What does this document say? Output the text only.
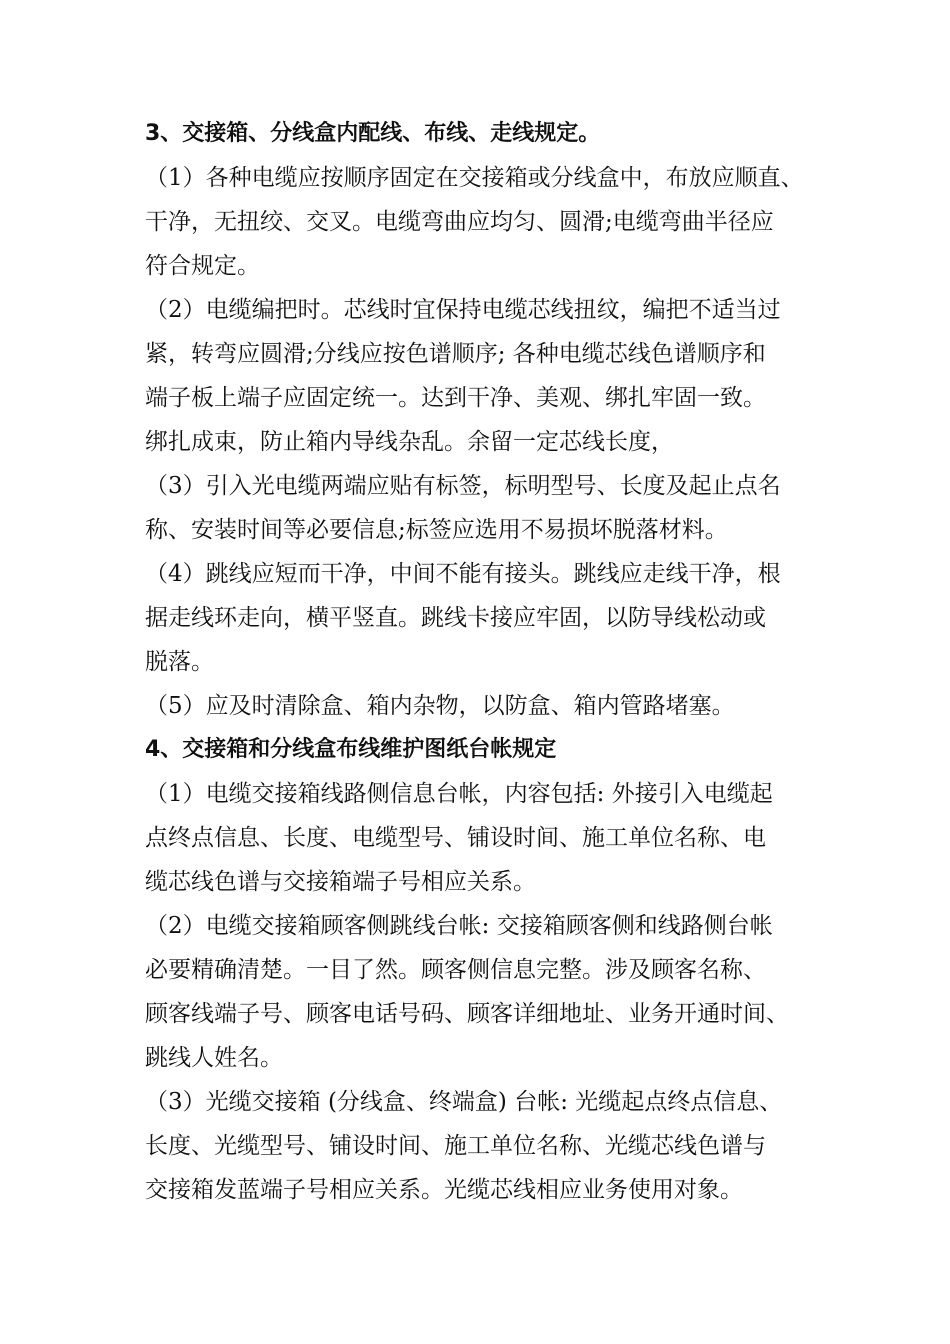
3、交接箱、分线盒内配线、布线、走线规定。
（1）各种电缆应按顺序固定在交接箱或分线盒中，布放应顺直、
干净，无扭绞、交叉。电缆弯曲应均匀、圆滑;电缆弯曲半径应
符合规定。
（2）电缆编把时。芯线时宜保持电缆芯线扭纹，编把不适当过
紧，转弯应圆滑;分线应按色谱顺序; 各种电缆芯线色谱顺序和
端子板上端子应固定统一。达到干净、美观、绑扎牢固一致。
绑扎成束，防止箱内导线杂乱。余留一定芯线长度，
（3）引入光电缆两端应贴有标签，标明型号、长度及起止点名
称、安装时间等必要信息;标签应选用不易损坏脱落材料。
（4）跳线应短而干净，中间不能有接头。跳线应走线干净，根
据走线环走向，横平竖直。跳线卡接应牢固，以防导线松动或
脱落。
（5）应及时清除盒、箱内杂物，以防盒、箱内管路堵塞。
4、交接箱和分线盒布线维护图纸台帐规定
（1）电缆交接箱线路侧信息台帐，内容包括: 外接引入电缆起
点终点信息、长度、电缆型号、铺设时间、施工单位名称、电
缆芯线色谱与交接箱端子号相应关系。
（2）电缆交接箱顾客侧跳线台帐: 交接箱顾客侧和线路侧台帐
必要精确清楚。一目了然。顾客侧信息完整。涉及顾客名称、
顾客线端子号、顾客电话号码、顾客详细地址、业务开通时间、
跳线人姓名。
（3）光缆交接箱 (分线盒、终端盒) 台帐: 光缆起点终点信息、
长度、光缆型号、铺设时间、施工单位名称、光缆芯线色谱与
交接箱发蓝端子号相应关系。光缆芯线相应业务使用对象。
